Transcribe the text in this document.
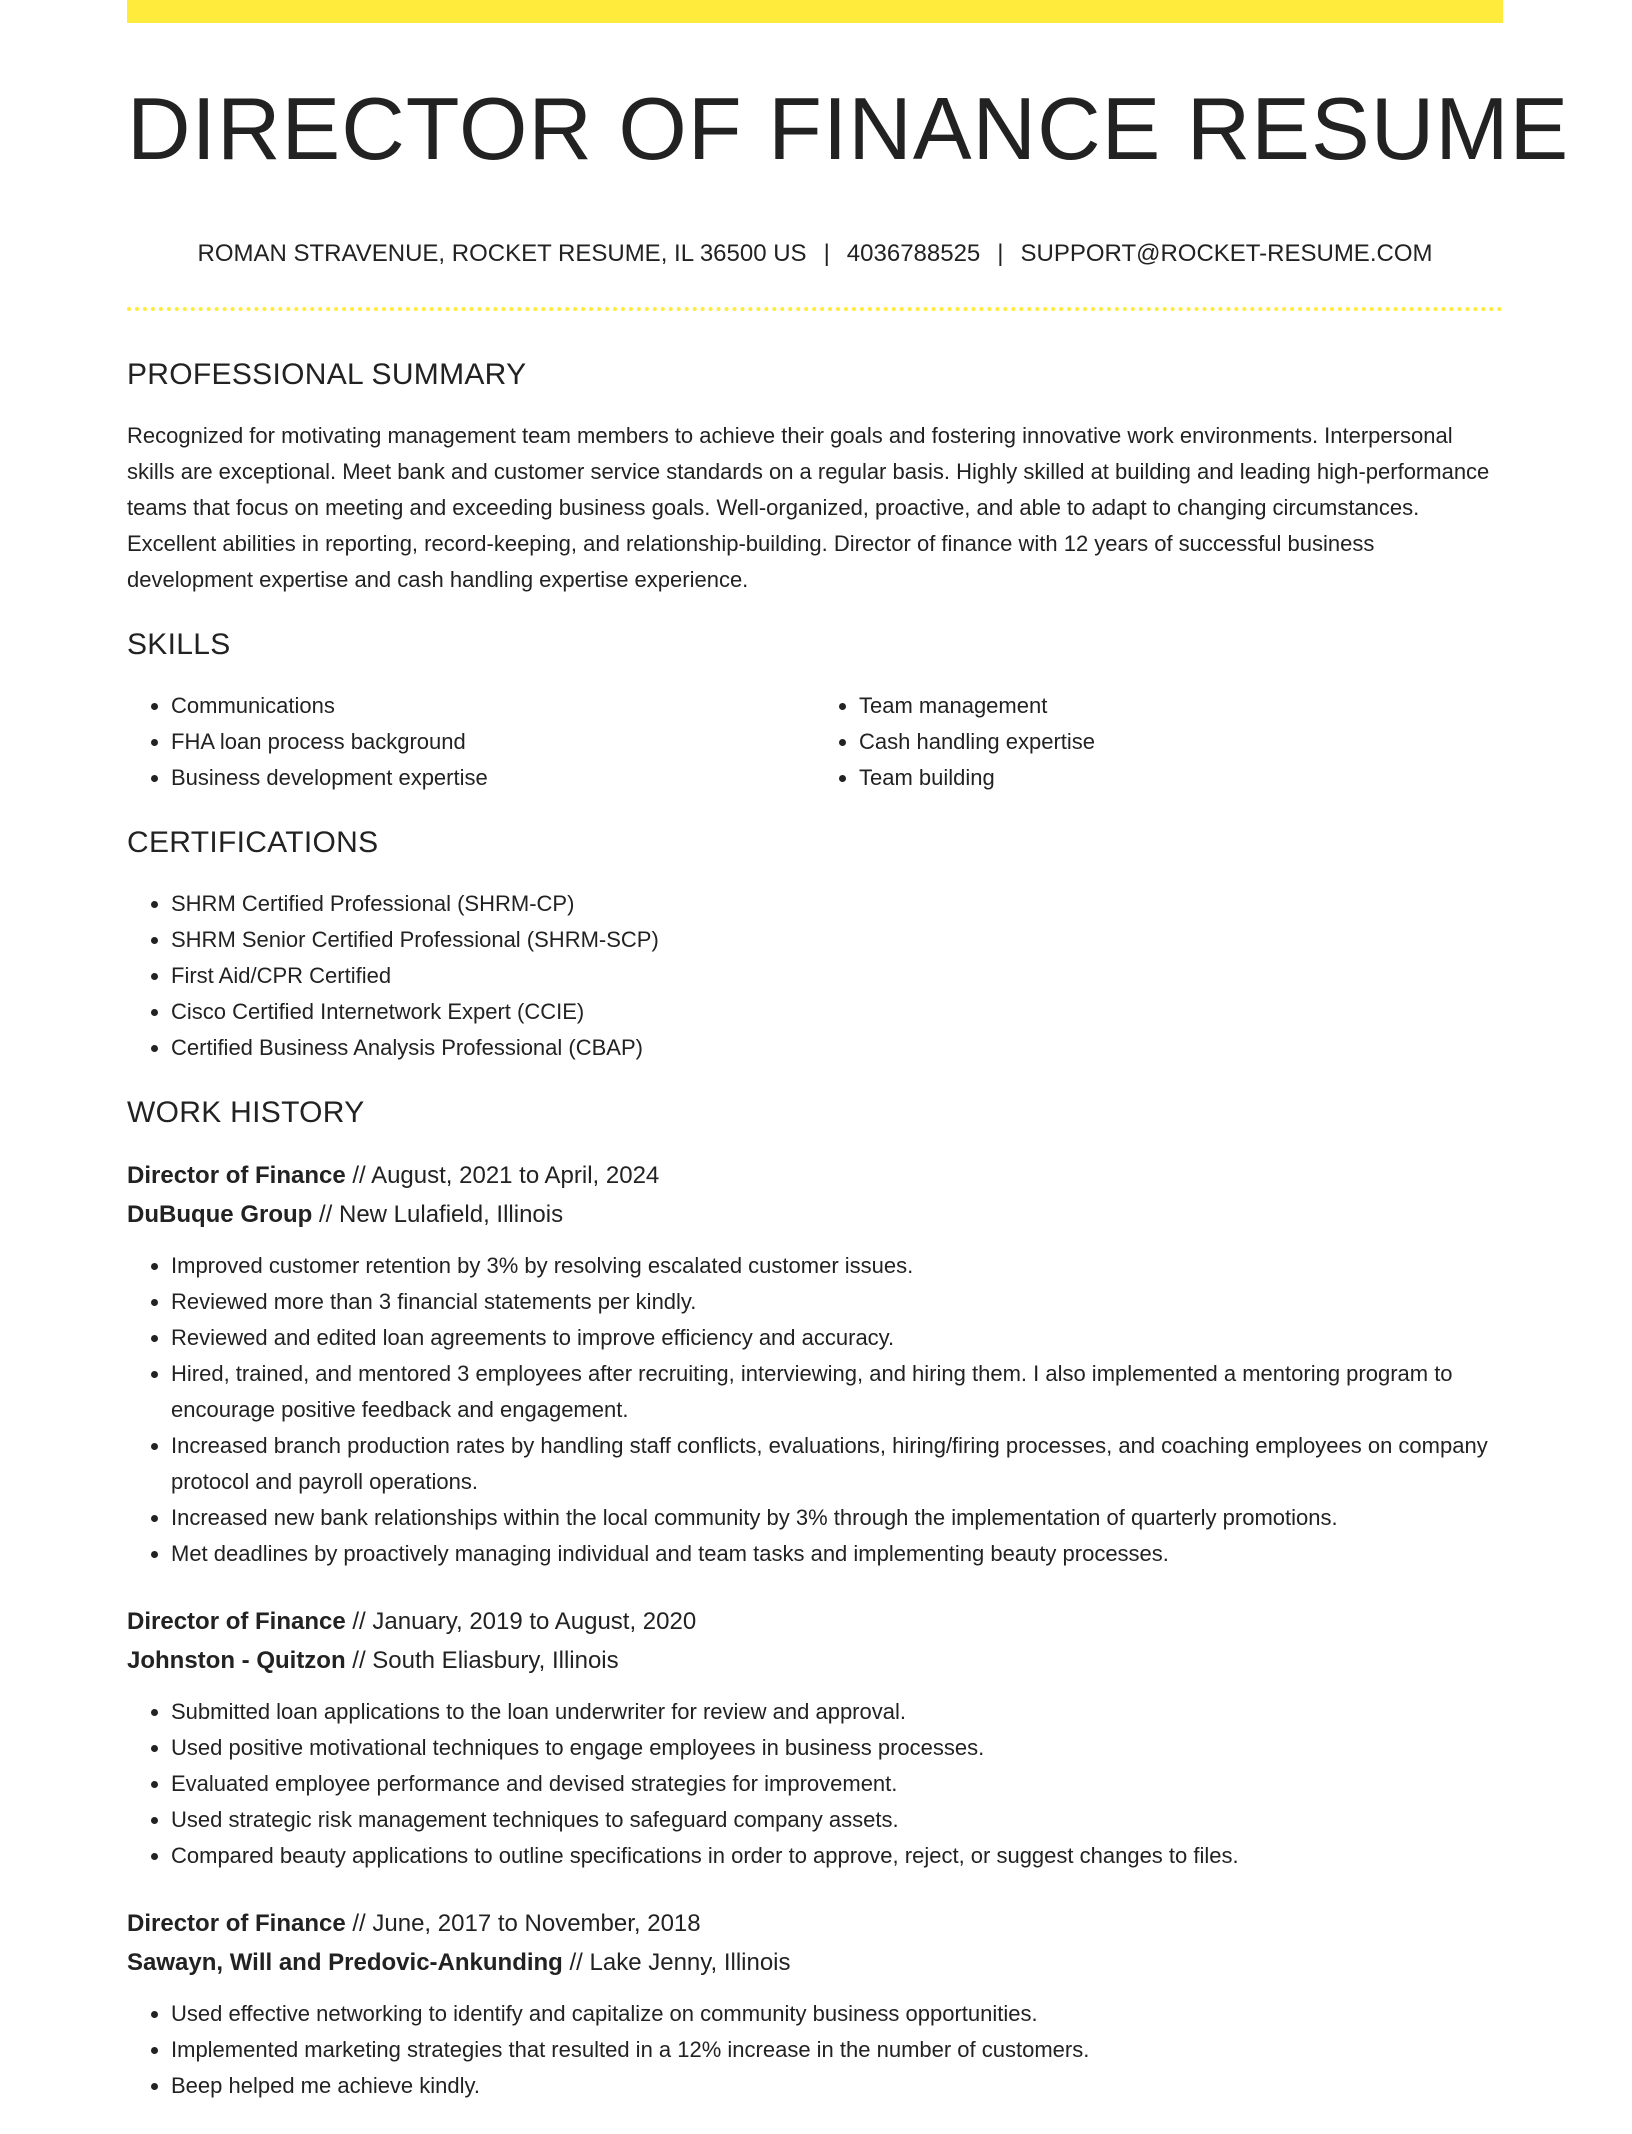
DIRECTOR OF FINANCE RESUME
ROMAN STRAVENUE, ROCKET RESUME, IL 36500 US | 4036788525 | SUPPORT@ROCKET-RESUME.COM
PROFESSIONAL SUMMARY

Recognized for motivating management team members to achieve their goals and fostering innovative work environments. Interpersonal skills are exceptional. Meet bank and customer service standards on a regular basis. Highly skilled at building and leading high-performance teams that focus on meeting and exceeding business goals. Well-organized, proactive, and able to adapt to changing circumstances. Excellent abilities in reporting, record-keeping, and relationship-building. Director of finance with 12 years of successful business development expertise and cash handling expertise experience.

SKILLS
• Communications
• FHA loan process background
• Business development expertise
• Team management
• Cash handling expertise
• Team building
CERTIFICATIONS
• SHRM Certified Professional (SHRM-CP)
• SHRM Senior Certified Professional (SHRM-SCP)
• First Aid/CPR Certified
• Cisco Certified Internetwork Expert (CCIE)
• Certified Business Analysis Professional (CBAP)
WORK HISTORY
Director of Finance // August, 2021 to April, 2024
DuBuque Group // New Lulafield, Illinois
• Improved customer retention by 3% by resolving escalated customer issues.
• Reviewed more than 3 financial statements per kindly.
• Reviewed and edited loan agreements to improve efficiency and accuracy.
• Hired, trained, and mentored 3 employees after recruiting, interviewing, and hiring them. I also implemented a mentoring program to encourage positive feedback and engagement.
• Increased branch production rates by handling staff conflicts, evaluations, hiring/firing processes, and coaching employees on company protocol and payroll operations.
• Increased new bank relationships within the local community by 3% through the implementation of quarterly promotions.
• Met deadlines by proactively managing individual and team tasks and implementing beauty processes.
Director of Finance // January, 2019 to August, 2020
Johnston - Quitzon // South Eliasbury, Illinois
• Submitted loan applications to the loan underwriter for review and approval.
• Used positive motivational techniques to engage employees in business processes.
• Evaluated employee performance and devised strategies for improvement.
• Used strategic risk management techniques to safeguard company assets.
• Compared beauty applications to outline specifications in order to approve, reject, or suggest changes to files.
Director of Finance // June, 2017 to November, 2018
Sawayn, Will and Predovic-Ankunding // Lake Jenny, Illinois
• Used effective networking to identify and capitalize on community business opportunities.
• Implemented marketing strategies that resulted in a 12% increase in the number of customers.
• Beep helped me achieve kindly.
